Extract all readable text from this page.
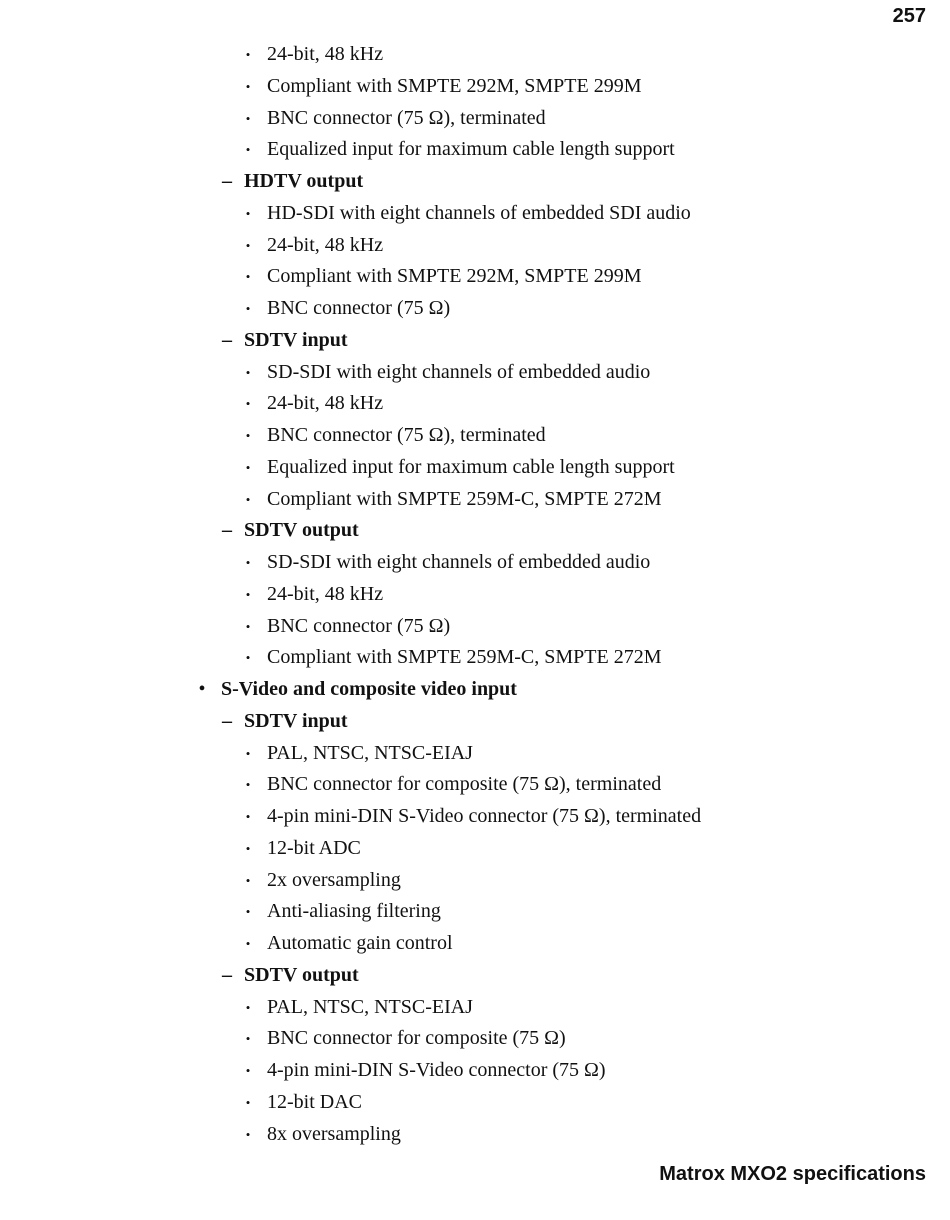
257
• 24-bit, 48 kHz
• Compliant with SMPTE 292M, SMPTE 299M
• BNC connector (75 Ω), terminated
• Equalized input for maximum cable length support
– HDTV output
• HD-SDI with eight channels of embedded SDI audio
• 24-bit, 48 kHz
• Compliant with SMPTE 292M, SMPTE 299M
• BNC connector (75 Ω)
– SDTV input
• SD-SDI with eight channels of embedded audio
• 24-bit, 48 kHz
• BNC connector (75 Ω), terminated
• Equalized input for maximum cable length support
• Compliant with SMPTE 259M-C, SMPTE 272M
– SDTV output
• SD-SDI with eight channels of embedded audio
• 24-bit, 48 kHz
• BNC connector (75 Ω)
• Compliant with SMPTE 259M-C, SMPTE 272M
• S-Video and composite video input
– SDTV input
• PAL, NTSC, NTSC-EIAJ
• BNC connector for composite (75 Ω), terminated
• 4-pin mini-DIN S-Video connector (75 Ω), terminated
• 12-bit ADC
• 2x oversampling
• Anti-aliasing filtering
• Automatic gain control
– SDTV output
• PAL, NTSC, NTSC-EIAJ
• BNC connector for composite (75 Ω)
• 4-pin mini-DIN S-Video connector (75 Ω)
• 12-bit DAC
• 8x oversampling
Matrox MXO2 specifications
